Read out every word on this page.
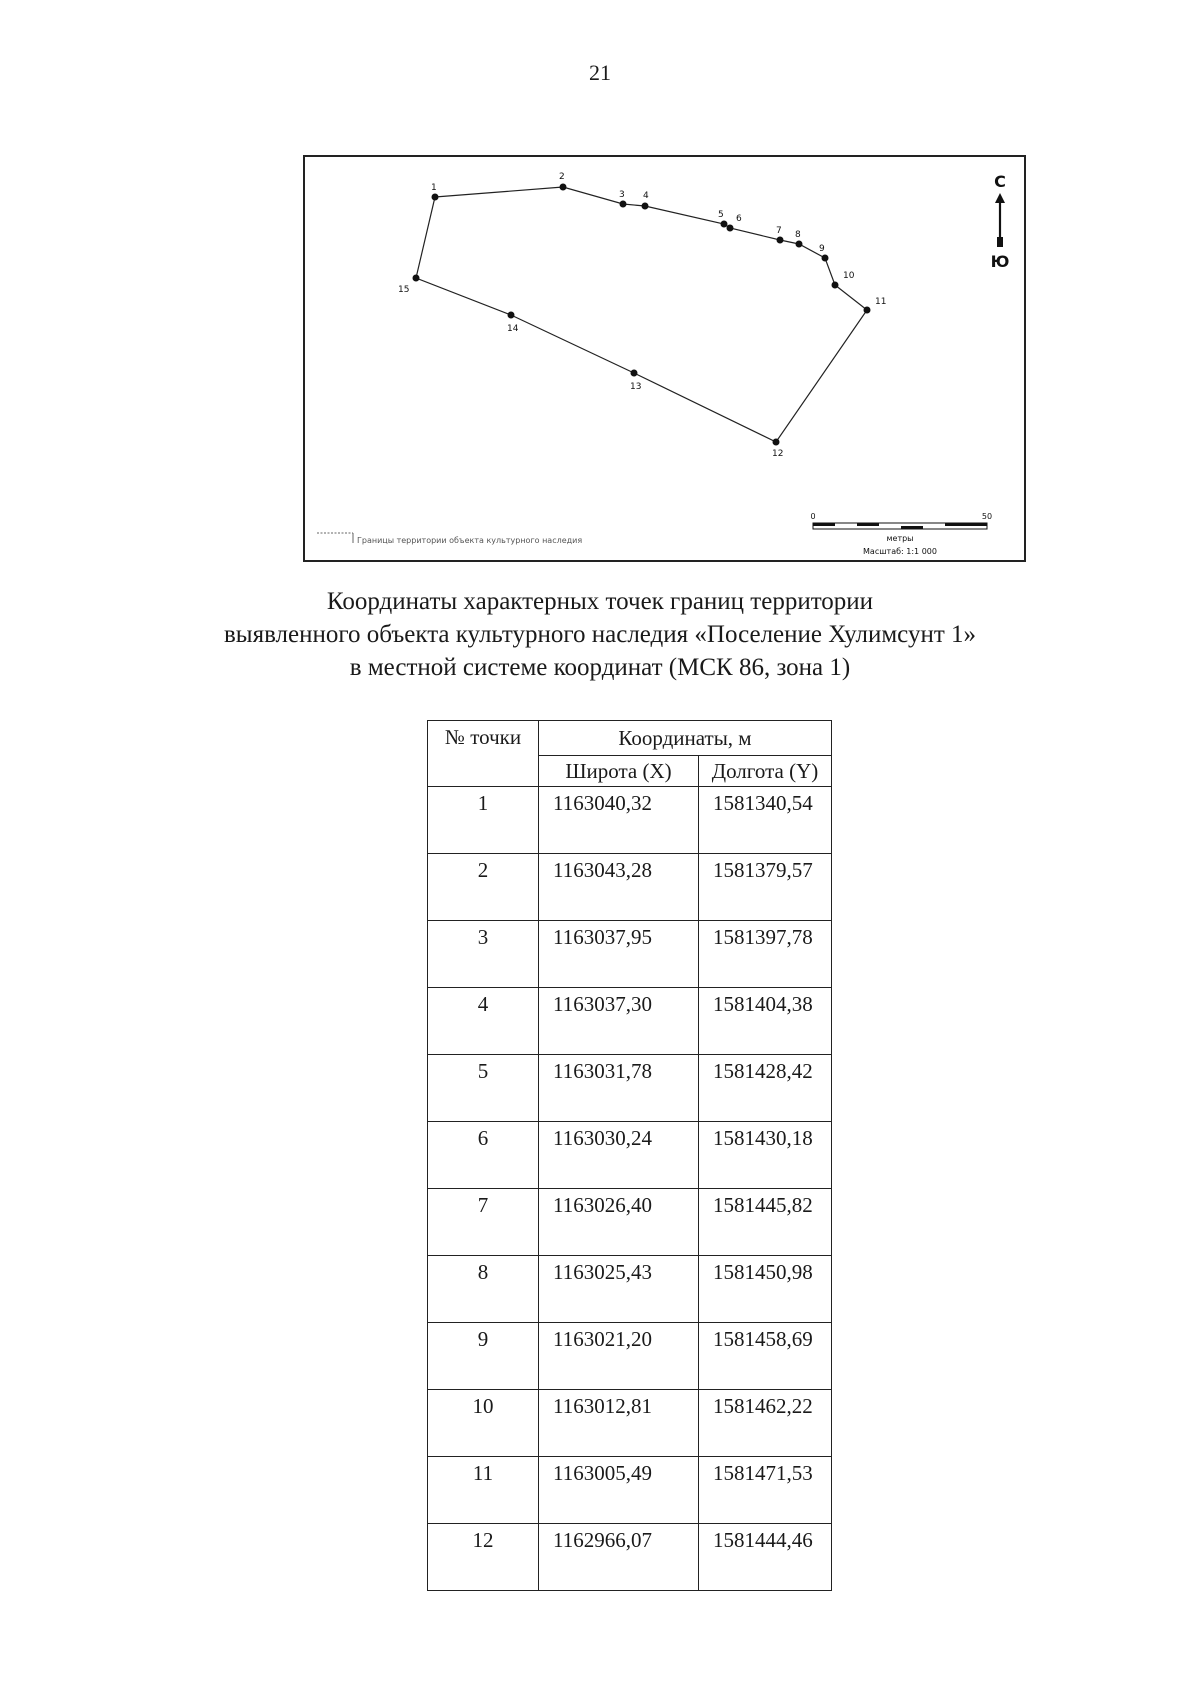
21
1
2
3 4
5 6
7 8
9
10
11
12
13
14
15
С
Ю
0	50
метры
Масштаб: 1:1 000
Границы территории объекта культурного наследия
Координаты характерных точек границ территории
выявленного объекта культурного наследия «Поселение Хулимсунт 1»
в местной системе координат (МСК 86, зона 1)
№ точки	Координаты, м	
	Широта (X)	Долгота (Y)
1	1163040,32	1581340,54
2	1163043,28	1581379,57
3	1163037,95	1581397,78
4	1163037,30	1581404,38
5	1163031,78	1581428,42
6	1163030,24	1581430,18
7	1163026,40	1581445,82
8	1163025,43	1581450,98
9	1163021,20	1581458,69
10	1163012,81	1581462,22
11	1163005,49	1581471,53
12	1162966,07	1581444,46
